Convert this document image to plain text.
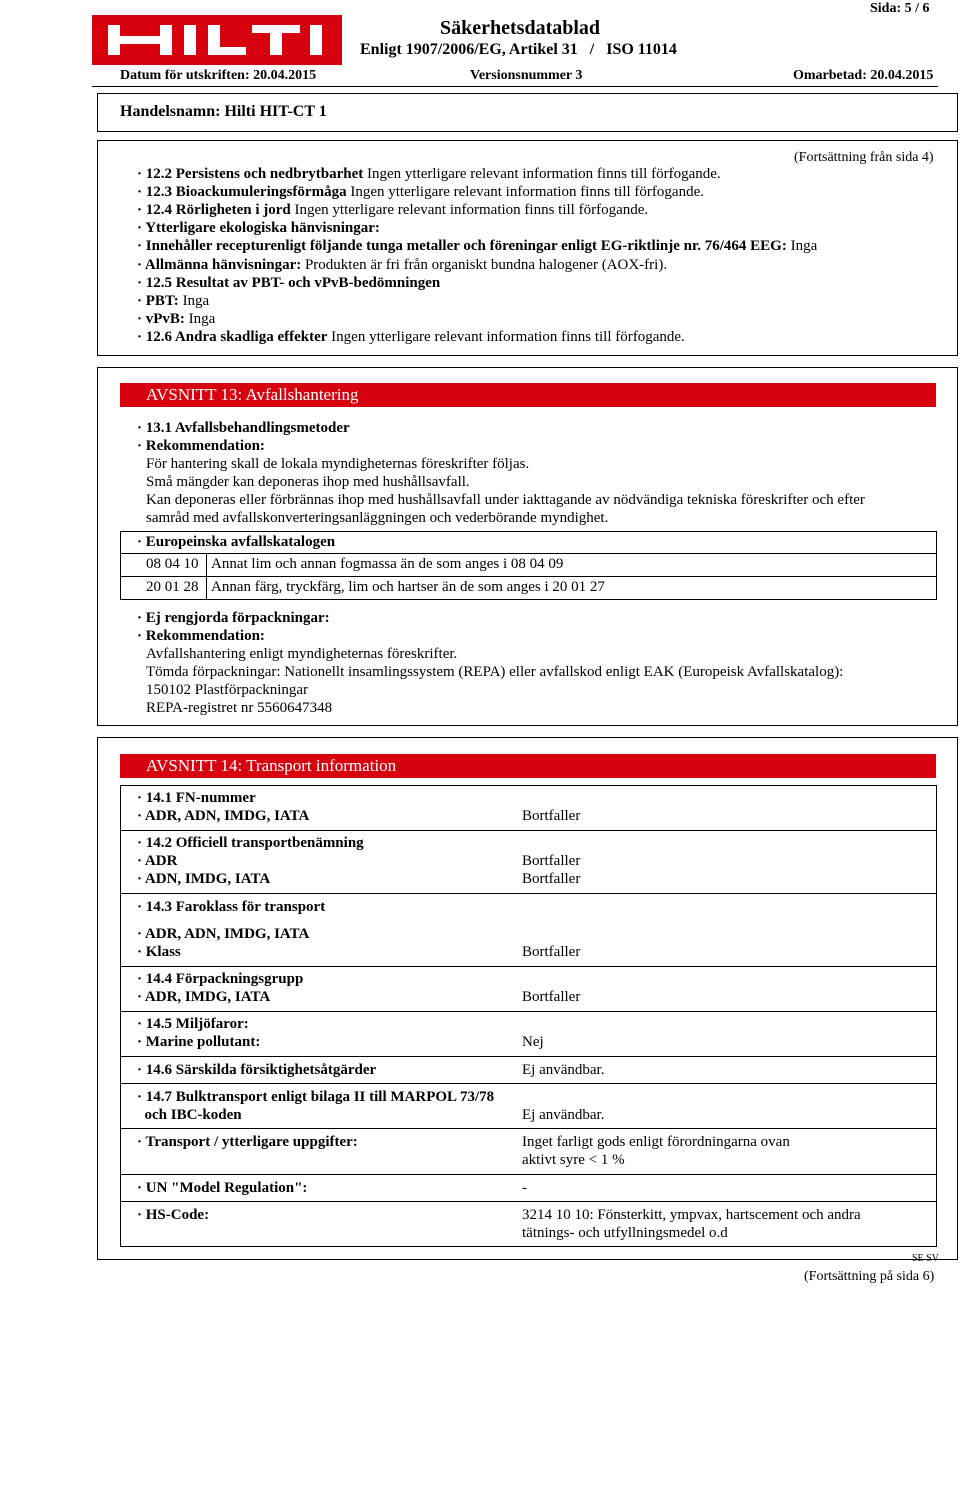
Sida: 5 / 6
Säkerhetsdatablad
Enligt 1907/2006/EG, Artikel 31   /   ISO 11014
Datum för utskriften: 20.04.2015	Versionsnummer 3	Omarbetad: 20.04.2015
Handelsnamn: Hilti HIT-CT 1
(Fortsättning från sida 4)
· 12.2 Persistens och nedbrytbarhet Ingen ytterligare relevant information finns till förfogande.
· 12.3 Bioackumuleringsförmåga Ingen ytterligare relevant information finns till förfogande.
· 12.4 Rörligheten i jord Ingen ytterligare relevant information finns till förfogande.
· Ytterligare ekologiska hänvisningar:
· Innehåller recepturenligt följande tunga metaller och föreningar enligt EG-riktlinje nr. 76/464 EEG: Inga
· Allmänna hänvisningar: Produkten är fri från organiskt bundna halogener (AOX-fri).
· 12.5 Resultat av PBT- och vPvB-bedömningen
· PBT: Inga
· vPvB: Inga
· 12.6 Andra skadliga effekter Ingen ytterligare relevant information finns till förfogande.
AVSNITT 13: Avfallshantering
· 13.1 Avfallsbehandlingsmetoder
· Rekommendation:
För hantering skall de lokala myndigheternas föreskrifter följas.
Små mängder kan deponeras ihop med hushållsavfall.
Kan deponeras eller förbrännas ihop med hushållsavfall under iakttagande av nödvändiga tekniska föreskrifter och efter
samråd med avfallskonverteringsanläggningen och vederbörande myndighet.
· Europeinska avfallskatalogen
08 04 10 Annat lim och annan fogmassa än de som anges i 08 04 09
20 01 28 Annan färg, tryckfärg, lim och hartser än de som anges i 20 01 27
· Ej rengjorda förpackningar:
· Rekommendation:
Avfallshantering enligt myndigheternas föreskrifter.
Tömda förpackningar: Nationellt insamlingssystem (REPA) eller avfallskod enligt EAK (Europeisk Avfallskatalog):
150102 Plastförpackningar
REPA-registret nr 5560647348
AVSNITT 14: Transport information
· 14.1 FN-nummer
· ADR, ADN, IMDG, IATA	Bortfaller
· 14.2 Officiell transportbenämning
· ADR	Bortfaller
· ADN, IMDG, IATA	Bortfaller
· 14.3 Faroklass för transport
· ADR, ADN, IMDG, IATA
· Klass	Bortfaller
· 14.4 Förpackningsgrupp
· ADR, IMDG, IATA	Bortfaller
· 14.5 Miljöfaror:
· Marine pollutant:	Nej
· 14.6 Särskilda försiktighetsåtgärder	Ej användbar.
· 14.7 Bulktransport enligt bilaga II till MARPOL 73/78
och IBC-koden	Ej användbar.
· Transport / ytterligare uppgifter:	Inget farligt gods enligt förordningarna ovan
aktivt syre < 1 %
· UN "Model Regulation":	-
· HS-Code:	3214 10 10: Fönsterkitt, ympvax, hartscement och andra
tätnings- och utfyllningsmedel o.d
SE SV
(Fortsättning på sida 6)
